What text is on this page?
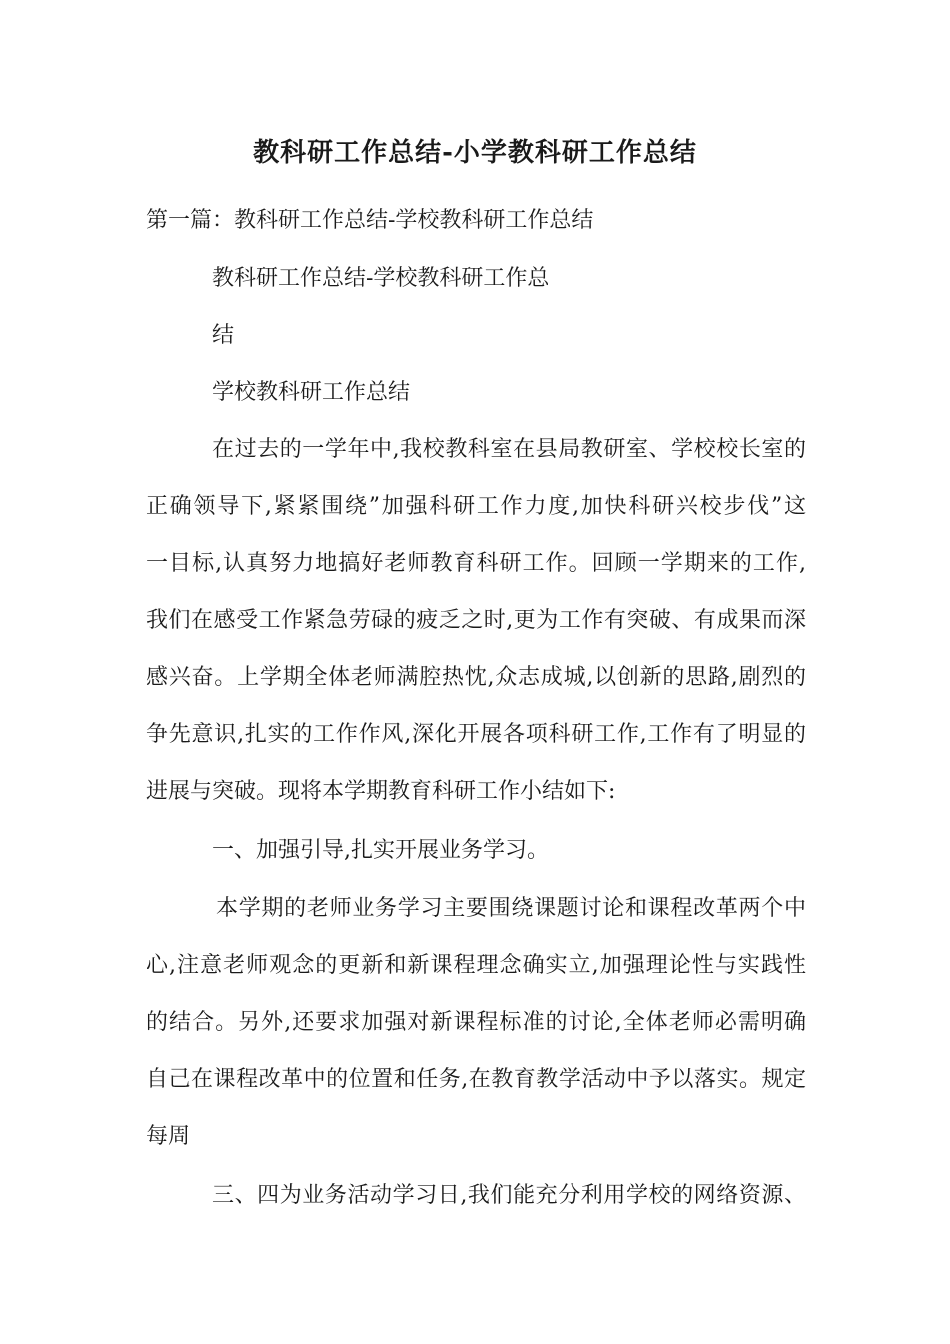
教科研工作总结-小学教科研工作总结
第一篇：教科研工作总结-学校教科研工作总结
教科研工作总结-学校教科研工作总
结
学校教科研工作总结
在过去的一学年中,我校教科室在县局教研室、学校校长室的
正确领导下,紧紧围绕”加强科研工作力度,加快科研兴校步伐”这
一目标,认真努力地搞好老师教育科研工作。回顾一学期来的工作,
我们在感受工作紧急劳碌的疲乏之时,更为工作有突破、有成果而深
感兴奋。上学期全体老师满腔热忱,众志成城,以创新的思路,剧烈的
争先意识,扎实的工作作风,深化开展各项科研工作,工作有了明显的
进展与突破。现将本学期教育科研工作小结如下:
一、加强引导,扎实开展业务学习。
本学期的老师业务学习主要围绕课题讨论和课程改革两个中
心,注意老师观念的更新和新课程理念确实立,加强理论性与实践性
的结合。另外,还要求加强对新课程标准的讨论,全体老师必需明确
自己在课程改革中的位置和任务,在教育教学活动中予以落实。规定
每周
三、四为业务活动学习日,我们能充分利用学校的网络资源、
